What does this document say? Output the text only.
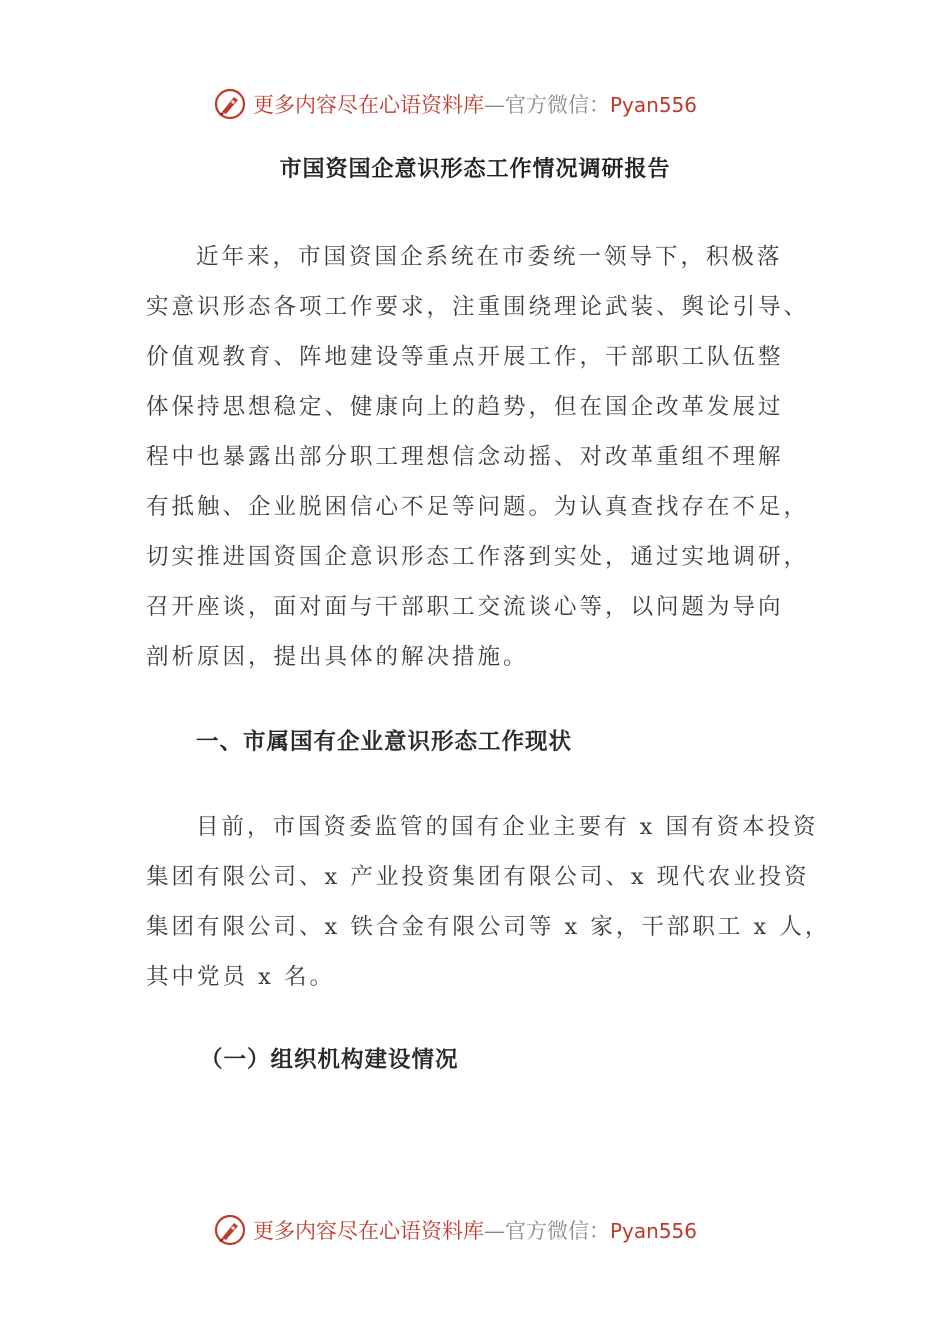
更多内容尽在心语资料库—官方微信：Pyan556
市国资国企意识形态工作情况调研报告
近年来，市国资国企系统在市委统一领导下，积极落
实意识形态各项工作要求，注重围绕理论武装、舆论引导、
价值观教育、阵地建设等重点开展工作，干部职工队伍整
体保持思想稳定、健康向上的趋势，但在国企改革发展过
程中也暴露出部分职工理想信念动摇、对改革重组不理解
有抵触、企业脱困信心不足等问题。为认真查找存在不足，
切实推进国资国企意识形态工作落到实处，通过实地调研，
召开座谈，面对面与干部职工交流谈心等，以问题为导向
剖析原因，提出具体的解决措施。
一、市属国有企业意识形态工作现状
目前，市国资委监管的国有企业主要有 x 国有资本投资
集团有限公司、x 产业投资集团有限公司、x 现代农业投资
集团有限公司、x 铁合金有限公司等 x 家，干部职工 x 人，
其中党员 x 名。
（一）组织机构建设情况
更多内容尽在心语资料库—官方微信：Pyan556
